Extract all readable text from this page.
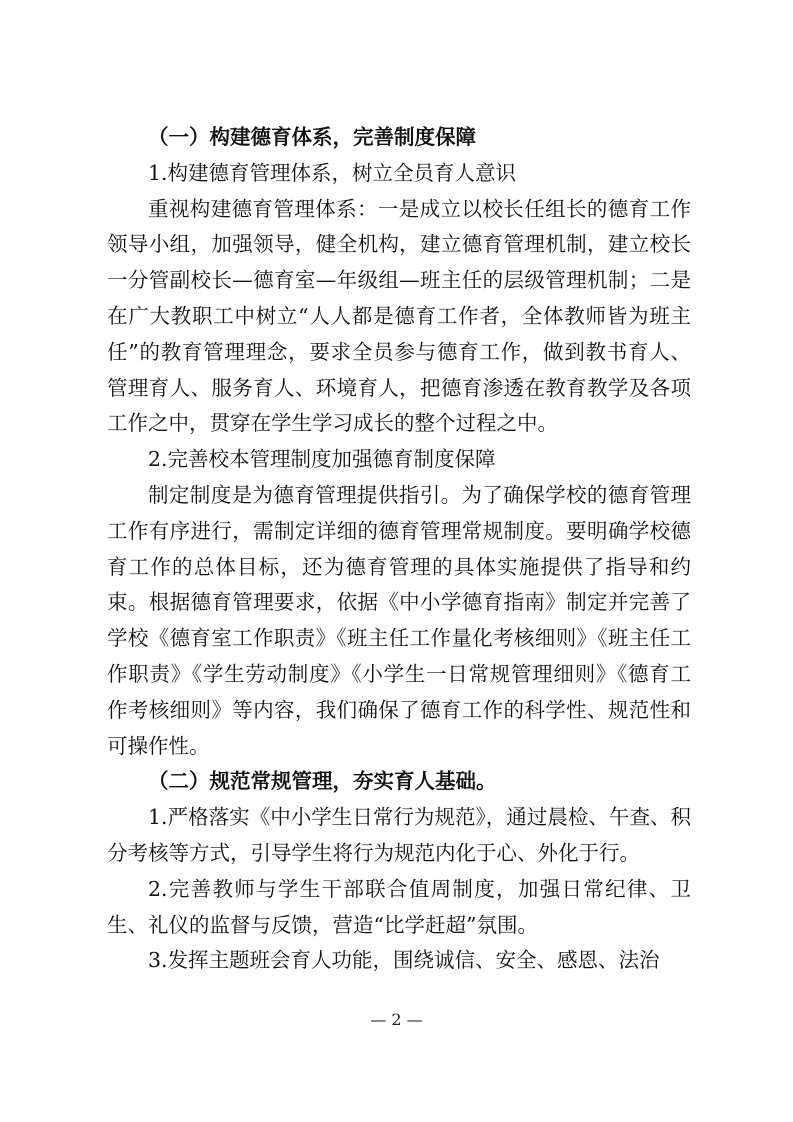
（一）构建德育体系，完善制度保障

1.构建德育管理体系，树立全员育人意识

重视构建德育管理体系：一是成立以校长任组长的德育工作领导小组，加强领导，健全机构，建立德育管理机制，建立校长一分管副校长—德育室—年级组—班主任的层级管理机制；二是在广大教职工中树立“人人都是德育工作者，全体教师皆为班主任”的教育管理理念，要求全员参与德育工作，做到教书育人、管理育人、服务育人、环境育人，把德育渗透在教育教学及各项工作之中，贯穿在学生学习成长的整个过程之中。

2.完善校本管理制度加强德育制度保障

制定制度是为德育管理提供指引。为了确保学校的德育管理工作有序进行，需制定详细的德育管理常规制度。要明确学校德育工作的总体目标，还为德育管理的具体实施提供了指导和约束。根据德育管理要求，依据《中小学德育指南》制定并完善了学校《德育室工作职责》《班主任工作量化考核细则》《班主任工作职责》《学生劳动制度》《小学生一日常规管理细则》《德育工作考核细则》等内容，我们确保了德育工作的科学性、规范性和可操作性。

（二）规范常规管理，夯实育人基础。

1.严格落实《中小学生日常行为规范》，通过晨检、午查、积分考核等方式，引导学生将行为规范内化于心、外化于行。

2.完善教师与学生干部联合值周制度，加强日常纪律、卫生、礼仪的监督与反馈，营造“比学赶超”氛围。

3.发挥主题班会育人功能，围绕诚信、安全、感恩、法治

— 2 —
